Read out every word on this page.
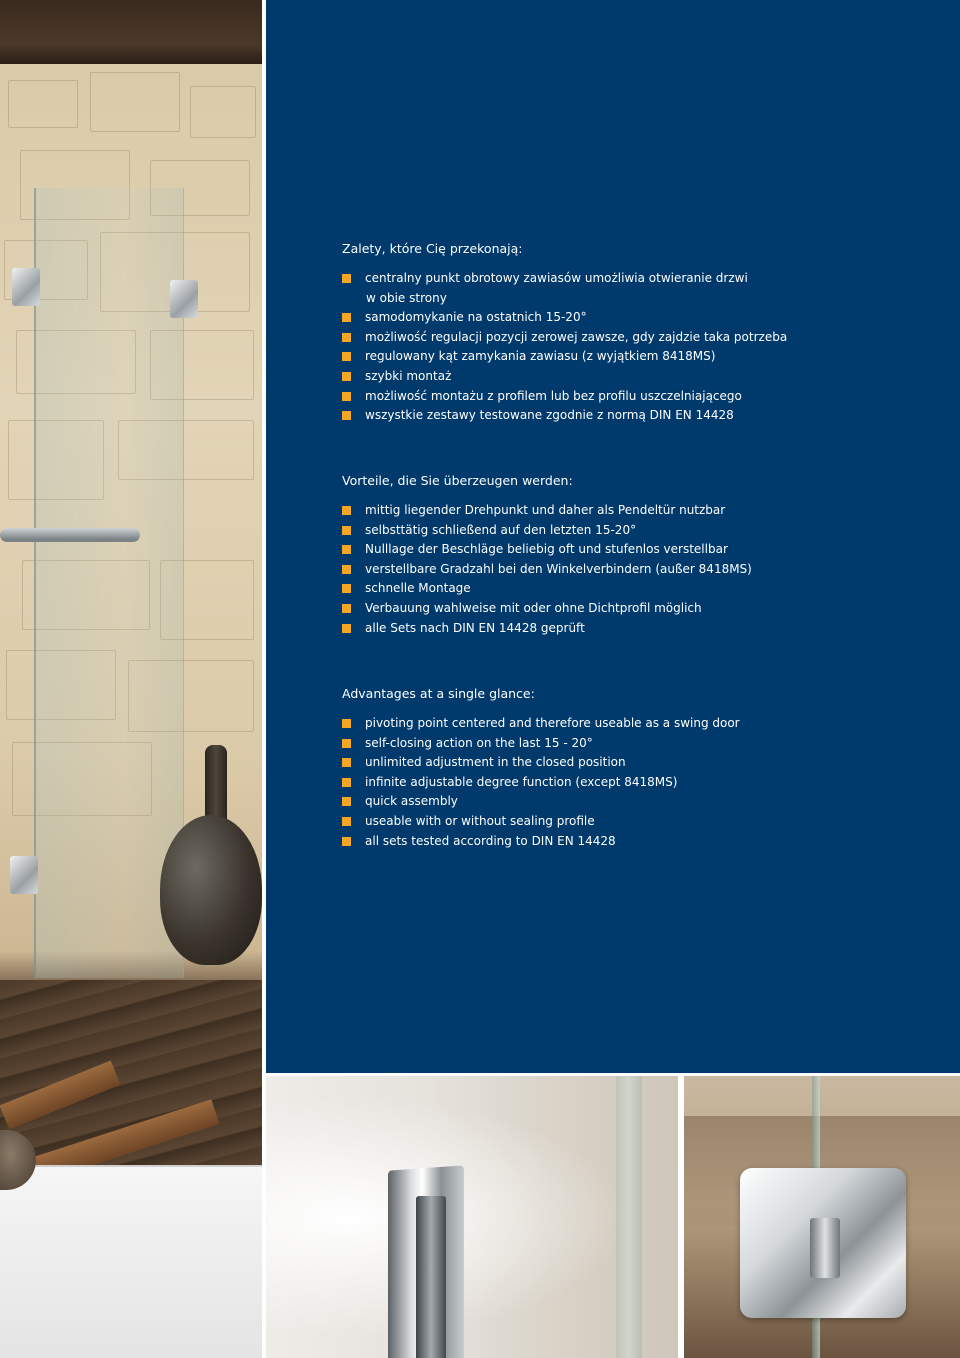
Zalety, które Cię przekonają:
centralny punkt obrotowy zawiasów umożliwia otwieranie drzwi
w obie strony
samodomykanie na ostatnich 15-20°
możliwość regulacji pozycji zerowej zawsze, gdy zajdzie taka potrzeba
regulowany kąt zamykania zawiasu (z wyjątkiem 8418MS)
szybki montaż
możliwość montażu z profilem lub bez profilu uszczelniającego
wszystkie zestawy testowane zgodnie z normą DIN EN 14428
Vorteile, die Sie überzeugen werden:
mittig liegender Drehpunkt und daher als Pendeltür nutzbar
selbsttätig schließend auf den letzten 15-20°
Nulllage der Beschläge beliebig oft und stufenlos verstellbar
verstellbare Gradzahl bei den Winkelverbindern (außer 8418MS)
schnelle Montage
Verbauung wahlweise mit oder ohne Dichtprofil möglich
alle Sets nach DIN EN 14428 geprüft
Advantages at a single glance:
pivoting point centered and therefore useable as a swing door
self-closing action on the last 15 - 20°
unlimited adjustment in the closed position
infinite adjustable degree function (except 8418MS)
quick assembly
useable with or without sealing profile
all sets tested according to DIN EN 14428
